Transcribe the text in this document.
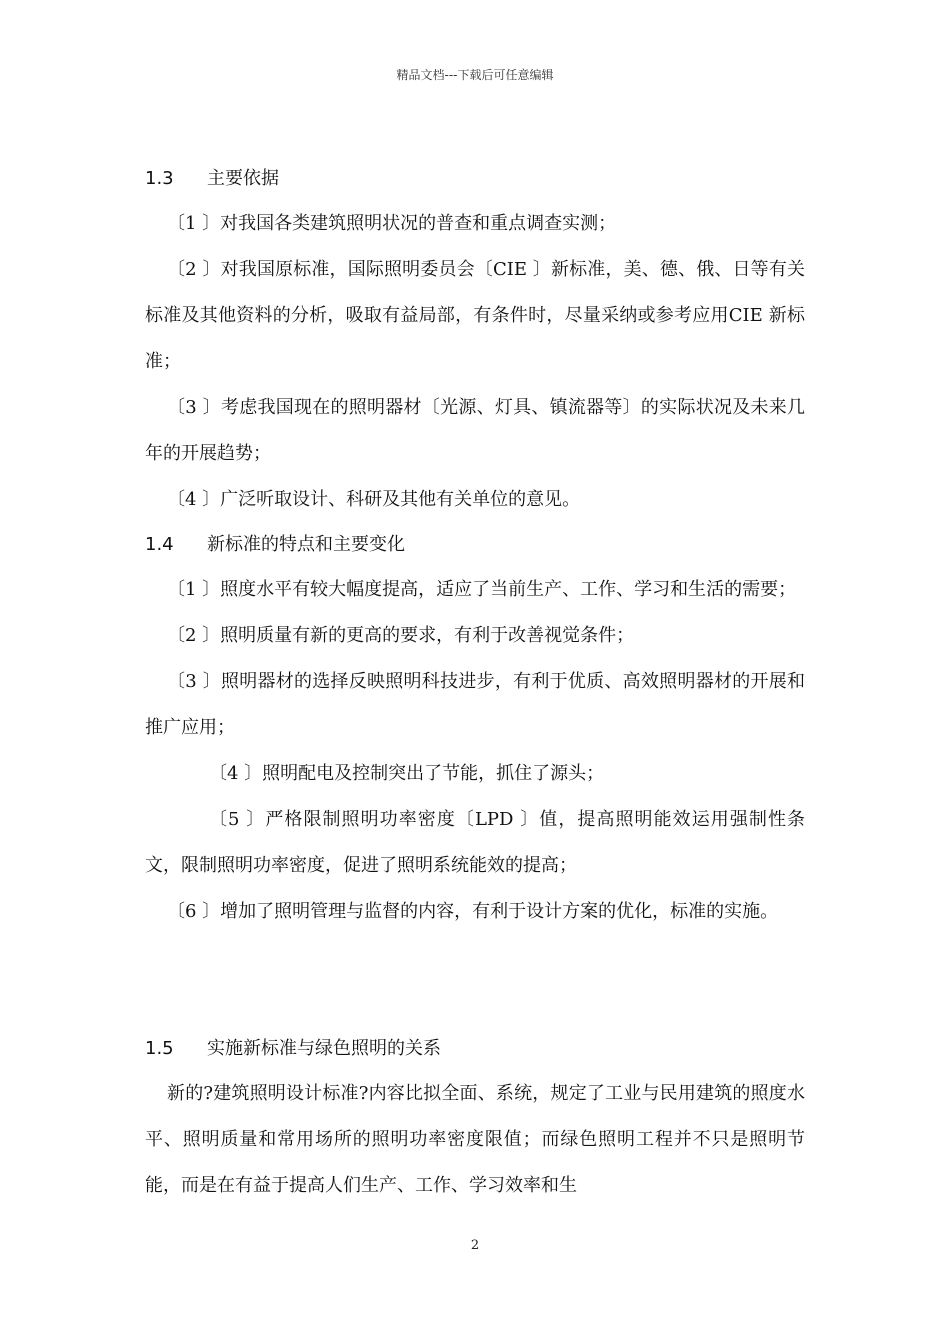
精品文档---下载后可任意编辑
1.3 主要依据

〔1 〕对我国各类建筑照明状况的普查和重点调查实测；

〔2 〕对我国原标准，国际照明委员会〔CIE 〕新标准，美、德、俄、日等有关标准及其他资料的分析，吸取有益局部，有条件时，尽量采纳或参考应用CIE 新标准；

〔3 〕考虑我国现在的照明器材〔光源、灯具、镇流器等〕的实际状况及未来几年的开展趋势；

〔4 〕广泛听取设计、科研及其他有关单位的意见。

1.4 新标准的特点和主要变化

〔1 〕照度水平有较大幅度提高，适应了当前生产、工作、学习和生活的需要；

〔2 〕照明质量有新的更高的要求，有利于改善视觉条件；

〔3 〕照明器材的选择反映照明科技进步，有利于优质、高效照明器材的开展和推广应用；

〔4 〕照明配电及控制突出了节能，抓住了源头；

〔5 〕严格限制照明功率密度〔LPD 〕值，提高照明能效运用强制性条文，限制照明功率密度，促进了照明系统能效的提高；

〔6 〕增加了照明管理与监督的内容，有利于设计方案的优化，标准的实施。

1.5 实施新标准与绿色照明的关系

新的?建筑照明设计标准?内容比拟全面、系统，规定了工业与民用建筑的照度水平、照明质量和常用场所的照明功率密度限值；而绿色照明工程并不只是照明节能，而是在有益于提高人们生产、工作、学习效率和生

2
